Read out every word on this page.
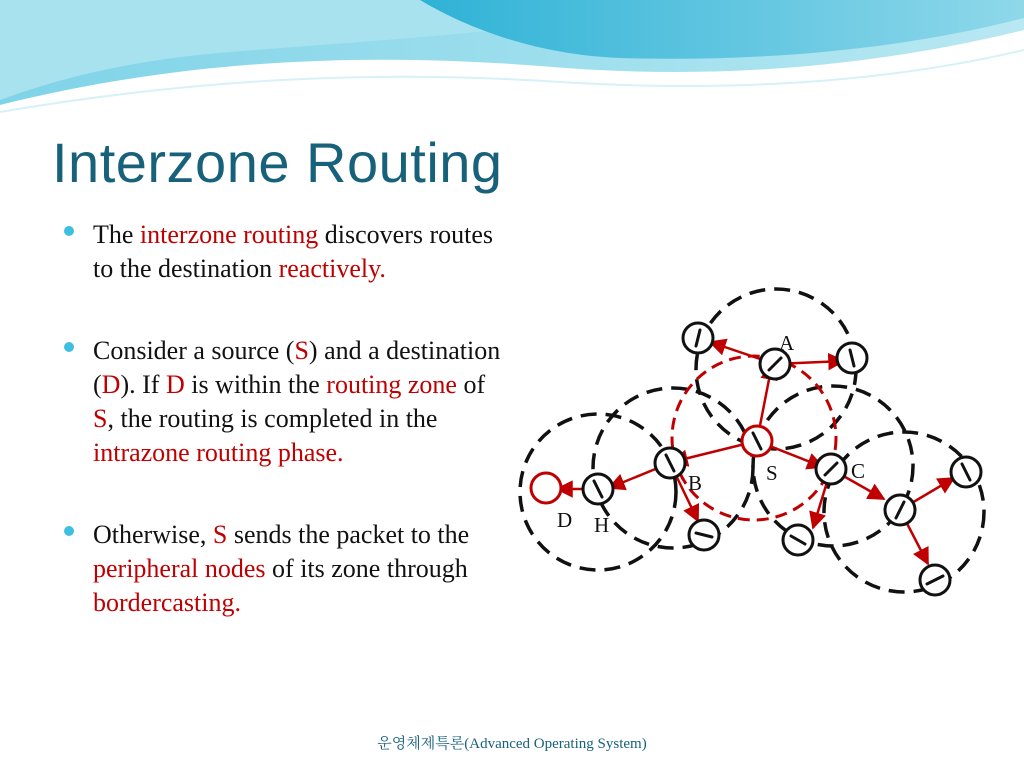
Interzone Routing
The interzone routing discovers routes to the destination reactively.
Consider a source (S) and a destination (D). If D is within the routing zone of S, the routing is completed in the intrazone routing phase.
Otherwise, S sends the packet to the peripheral nodes of its zone through bordercasting.
A
B	S	C
D H
운영체제특론(Advanced Operating System)
